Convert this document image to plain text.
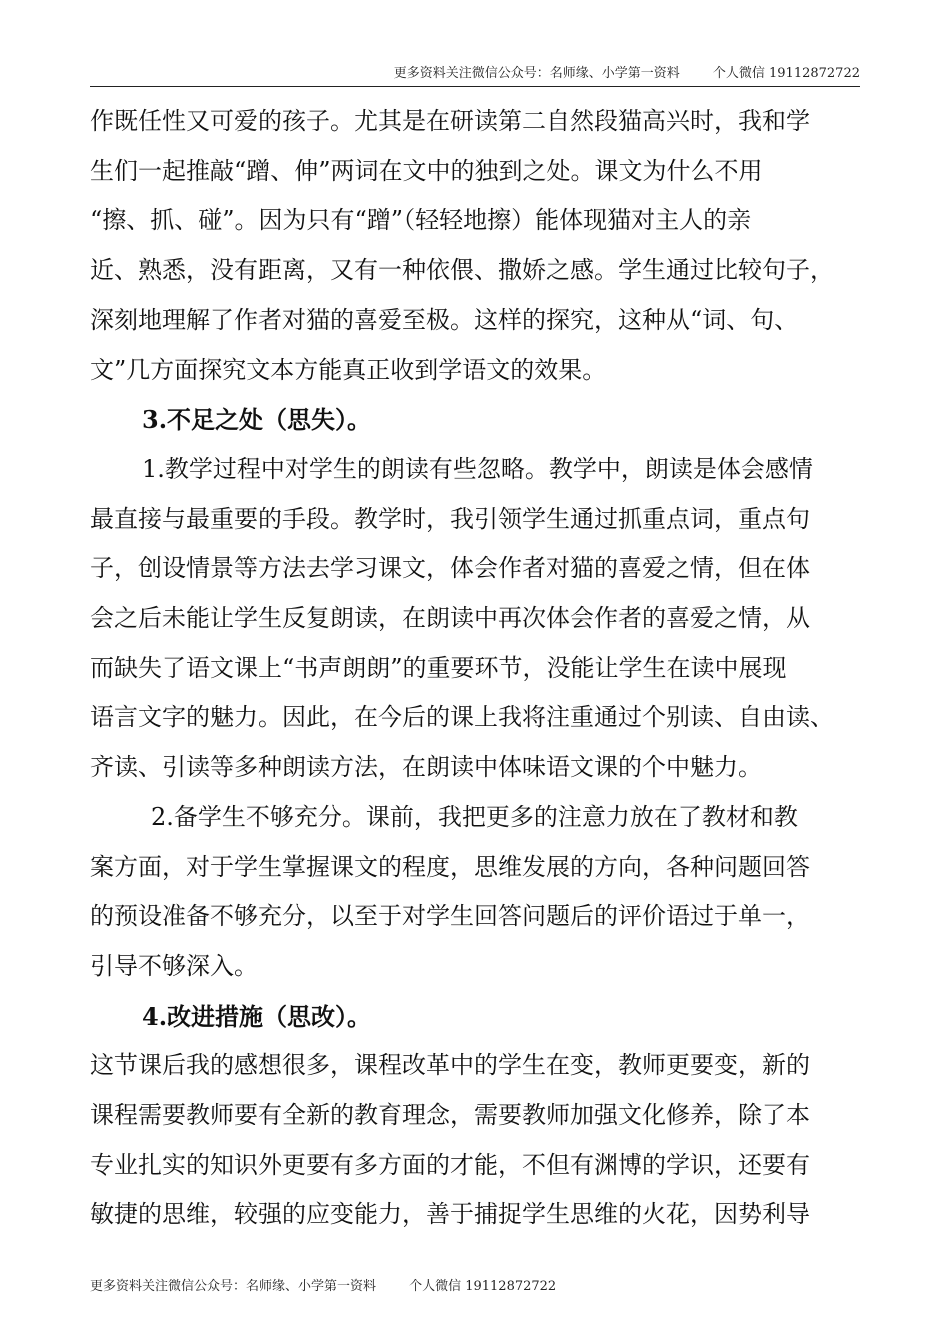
更多资料关注微信公众号：名师缘、小学第一资料	个人微信 19112872722

作既任性又可爱的孩子。尤其是在研读第二自然段猫高兴时，我和学

生们一起推敲“蹭、伸”两词在文中的独到之处。课文为什么不用

“擦、抓、碰”。因为只有“蹭”（轻轻地擦）能体现猫对主人的亲

近、熟悉，没有距离，又有一种依偎、撒娇之感。学生通过比较句子，

深刻地理解了作者对猫的喜爱至极。这样的探究，这种从“词、句、

文”几方面探究文本方能真正收到学语文的效果。

3.不足之处（思失）。

1.教学过程中对学生的朗读有些忽略。教学中，朗读是体会感情

最直接与最重要的手段。教学时，我引领学生通过抓重点词，重点句

子，创设情景等方法去学习课文，体会作者对猫的喜爱之情，但在体

会之后未能让学生反复朗读，在朗读中再次体会作者的喜爱之情，从

而缺失了语文课上“书声朗朗”的重要环节，没能让学生在读中展现

语言文字的魅力。因此，在今后的课上我将注重通过个别读、自由读、

齐读、引读等多种朗读方法，在朗读中体味语文课的个中魅力。

2.备学生不够充分。课前，我把更多的注意力放在了教材和教

案方面，对于学生掌握课文的程度，思维发展的方向，各种问题回答

的预设准备不够充分，以至于对学生回答问题后的评价语过于单一，

引导不够深入。

4.改进措施（思改）。

这节课后我的感想很多，课程改革中的学生在变，教师更要变，新的

课程需要教师要有全新的教育理念，需要教师加强文化修养，除了本

专业扎实的知识外更要有多方面的才能，不但有渊博的学识，还要有

敏捷的思维，较强的应变能力，善于捕捉学生思维的火花，因势利导

更多资料关注微信公众号：名师缘、小学第一资料	个人微信 19112872722
